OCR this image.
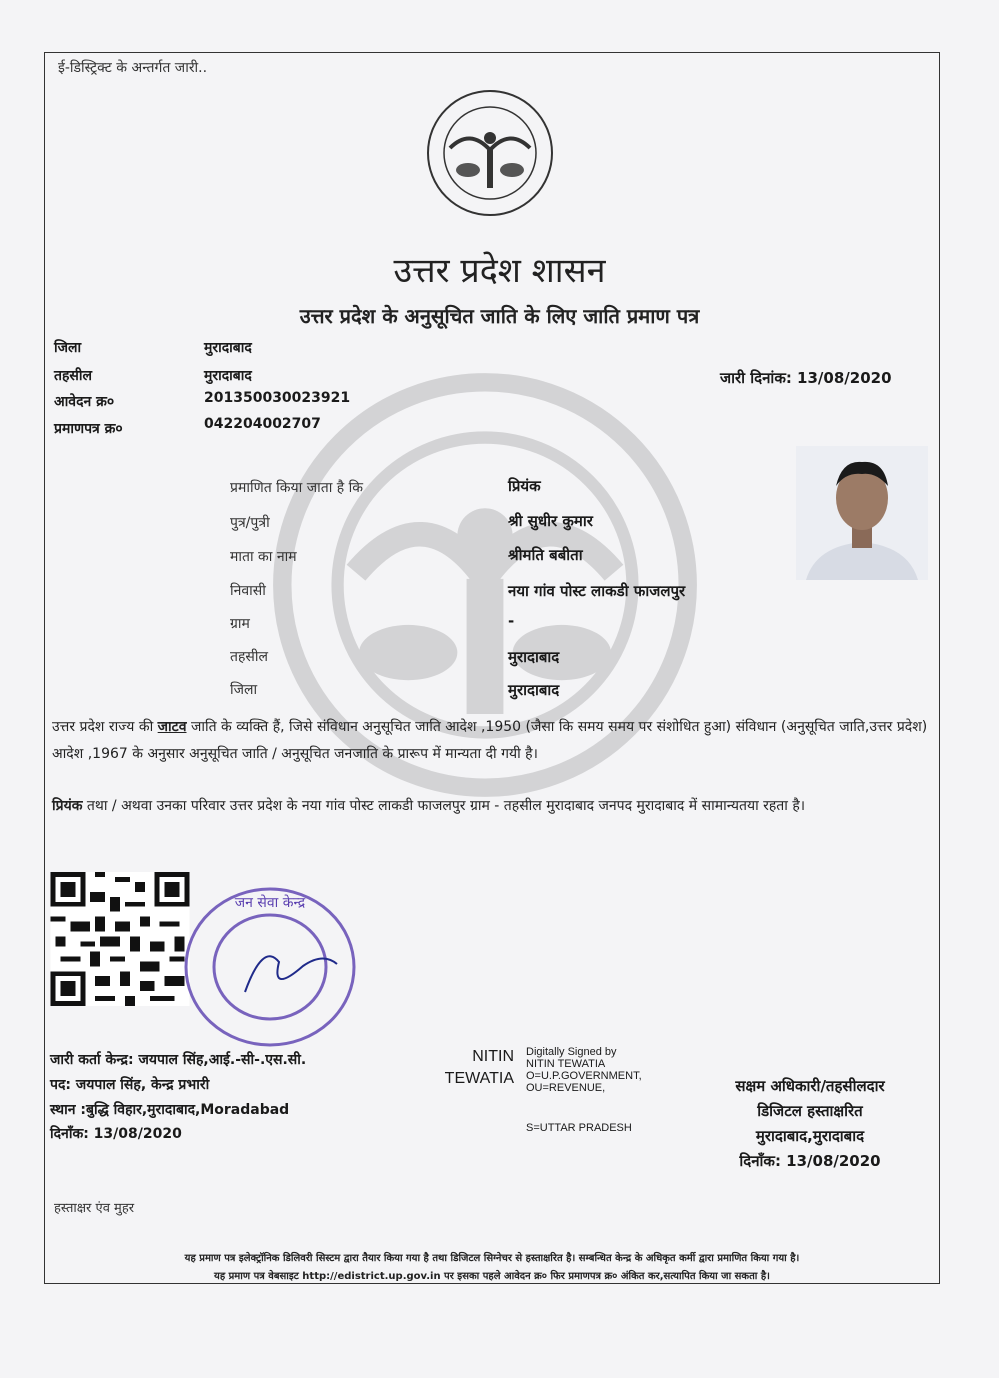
ई-डिस्ट्रिक्ट के अन्तर्गत जारी..
उत्तर प्रदेश शासन
उत्तर प्रदेश के अनुसूचित जाति के लिए जाति प्रमाण पत्र
जिला	मुरादाबाद
तहसील	मुरादाबाद
आवेदन क्र०	201350030023921
प्रमाणपत्र क्र०	042204002707
जारी दिनांक: 13/08/2020
प्रमाणित किया जाता है कि	प्रियंक
पुत्र/पुत्री	श्री सुधीर कुमार
माता का नाम	श्रीमति बबीता
निवासी	नया गांव पोस्ट लाकडी फाजलपुर
ग्राम	-
तहसील	मुरादाबाद
जिला	मुरादाबाद
उत्तर प्रदेश राज्य की जाटव जाति के व्यक्ति हैं, जिसे संविधान अनुसूचित जाति आदेश ,1950 (जैसा कि समय समय पर संशोधित हुआ) संविधान (अनुसूचित जाति,उत्तर प्रदेश) आदेश ,1967 के अनुसार अनुसूचित जाति / अनुसूचित जनजाति के प्रारूप में मान्यता दी गयी है।
प्रियंक तथा / अथवा उनका परिवार उत्तर प्रदेश के नया गांव पोस्ट लाकडी फाजलपुर ग्राम - तहसील मुरादाबाद जनपद मुरादाबाद में सामान्यतया रहता है।
जन सेवा केन्द्र
जारी कर्ता केन्द्र: जयपाल सिंह,आई.-सी-.एस.सी.
पद: जयपाल सिंह, केन्द्र प्रभारी
स्थान :बुद्धि विहार,मुरादाबाद,Moradabad
दिनाँक: 13/08/2020
NITIN TEWATIA
Digitally Signed by
NITIN TEWATIA
O=U.P.GOVERNMENT,
OU=REVENUE,
S=UTTAR PRADESH
सक्षम अधिकारी/तहसीलदार
डिजिटल हस्ताक्षरित
मुरादाबाद,मुरादाबाद
दिनाँक: 13/08/2020
हस्ताक्षर एंव मुहर
यह प्रमाण पत्र इलेक्ट्रॉनिक डिलिवरी सिस्टम द्वारा तैयार किया गया है तथा डिजिटल सिग्नेचर से हस्ताक्षरित है। सम्बन्धित केन्द्र के अधिकृत कर्मी द्वारा प्रमाणित किया गया है।
यह प्रमाण पत्र वेबसाइट http://edistrict.up.gov.in पर इसका पहले आवेदन क्र० फिर प्रमाणपत्र क्र० अंकित कर,सत्यापित किया जा सकता है।
